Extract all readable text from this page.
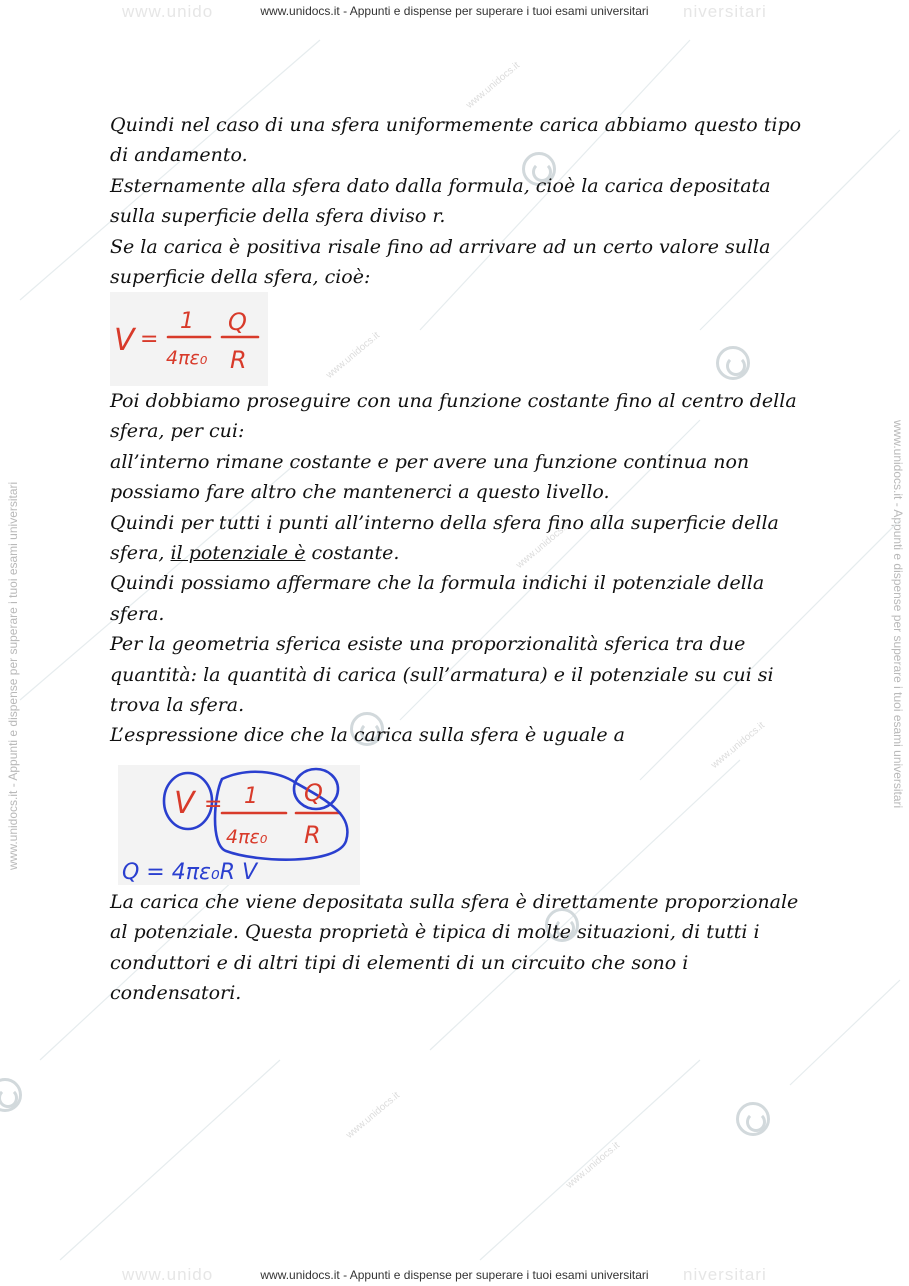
www.unido	niversitari
www.unidocs.it - Appunti e dispense per superare i tuoi esami universitari
www.unido	niversitari
www.unidocs.it - Appunti e dispense per superare i tuoi esami universitari
www.unidocs.it - Appunti e dispense per superare i tuoi esami universitari	www.unidocs.it - Appunti e dispense per superare i tuoi esami universitari
www.unidocs.it
www.unidocs.it
www.unidocs.it
www.unidocs.it
www.unidocs.it
www.unidocs.it

Quindi nel caso di una sfera uniformemente carica abbiamo questo tipo di andamento.

Esternamente alla sfera dato dalla formula, cioè la carica depositata sulla superficie della sfera diviso r.

Se la carica è positiva risale fino ad arrivare ad un certo valore sulla superficie della sfera, cioè:

V =
1
4πε₀
Q
R

Poi dobbiamo proseguire con una funzione costante fino al centro della sfera, per cui:

all’interno rimane costante e per avere una funzione continua non possiamo fare altro che mantenerci a questo livello.

Quindi per tutti i punti all’interno della sfera fino alla superficie della sfera, il potenziale è costante.

Quindi possiamo affermare che la formula indichi il potenziale della sfera.

Per la geometria sferica esiste una proporzionalità sferica tra due quantità: la quantità di carica (sull’armatura) e il potenziale su cui si trova la sfera.

L’espressione dice che la carica sulla sfera è uguale a

V = 1
4πε₀
Q
R
Q = 4πε₀R V

La carica che viene depositata sulla sfera è direttamente proporzionale al potenziale. Questa proprietà è tipica di molte situazioni, di tutti i conduttori e di altri tipi di elementi di un circuito che sono i condensatori.
